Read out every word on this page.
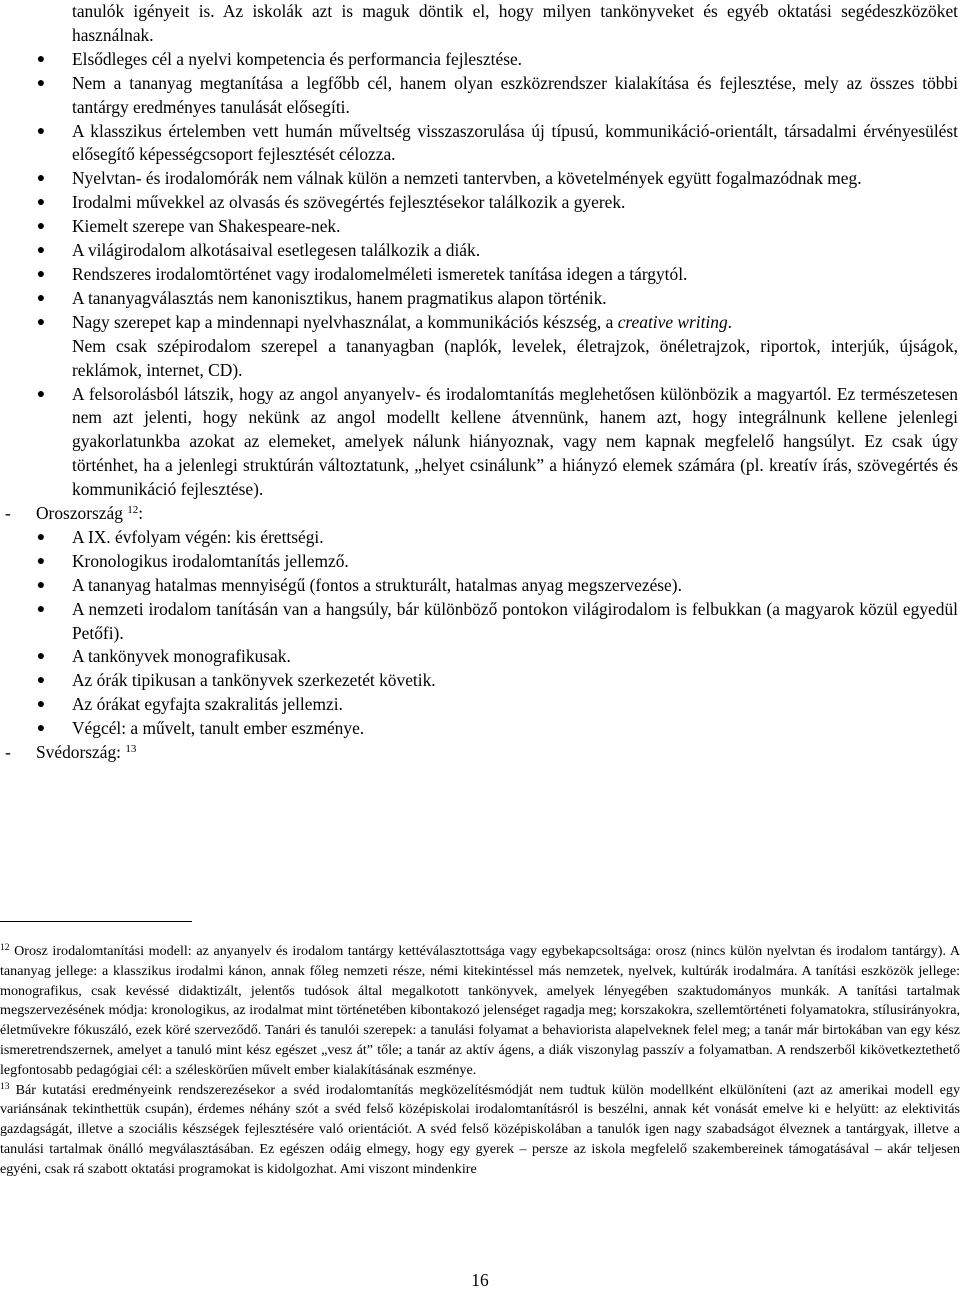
tanulók igényeit is. Az iskolák azt is maguk döntik el, hogy milyen tankönyveket és egyéb oktatási segédeszközöket használnak.
● Elsődleges cél a nyelvi kompetencia és performancia fejlesztése.
● Nem a tananyag megtanítása a legfőbb cél, hanem olyan eszközrendszer kialakítása és fejlesztése, mely az összes többi tantárgy eredményes tanulását elősegíti.
● A klasszikus értelemben vett humán műveltség visszaszorulása új típusú, kommunikáció-orientált, társadalmi érvényesülést elősegítő képességcsoport fejlesztését célozza.
● Nyelvtan- és irodalomórák nem válnak külön a nemzeti tantervben, a követelmények együtt fogalmazódnak meg.
● Irodalmi művekkel az olvasás és szövegértés fejlesztésekor találkozik a gyerek.
● Kiemelt szerepe van Shakespeare-nek.
● A világirodalom alkotásaival esetlegesen találkozik a diák.
● Rendszeres irodalomtörténet vagy irodalomelméleti ismeretek tanítása idegen a tárgytól.
● A tananyagválasztás nem kanonisztikus, hanem pragmatikus alapon történik.
● Nagy szerepet kap a mindennapi nyelvhasználat, a kommunikációs készség, a creative writing.
Nem csak szépirodalom szerepel a tananyagban (naplók, levelek, életrajzok, önéletrajzok, riportok, interjúk, újságok, reklámok, internet, CD).
● A felsorolásból látszik, hogy az angol anyanyelv- és irodalomtanítás meglehetősen különbözik a magyartól. Ez természetesen nem azt jelenti, hogy nekünk az angol modellt kellene átvennünk, hanem azt, hogy integrálnunk kellene jelenlegi gyakorlatunkba azokat az elemeket, amelyek nálunk hiányoznak, vagy nem kapnak megfelelő hangsúlyt. Ez csak úgy történhet, ha a jelenlegi struktúrán változtatunk, „helyet csinálunk” a hiányzó elemek számára (pl. kreatív írás, szövegértés és kommunikáció fejlesztése).
- Oroszország $^{12}$:
● A IX. évfolyam végén: kis érettségi.
● Kronologikus irodalomtanítás jellemző.
● A tananyag hatalmas mennyiségű (fontos a strukturált, hatalmas anyag megszervezése).
● A nemzeti irodalom tanításán van a hangsúly, bár különböző pontokon világirodalom is felbukkan (a magyarok közül egyedül Petőfi).
● A tankönyvek monografikusak.
● Az órák tipikusan a tankönyvek szerkezetét követik.
● Az órákat egyfajta szakralitás jellemzi.
● Végcél: a művelt, tanult ember eszménye.
- Svédország: $^{13}$

$^{12}$ Orosz irodalomtanítási modell: az anyanyelv és irodalom tantárgy kettéválasztottsága vagy egybekapcsoltsága: orosz (nincs külön nyelvtan és irodalom tantárgy). A tananyag jellege: a klasszikus irodalmi kánon, annak főleg nemzeti része, némi kitekintéssel más nemzetek, nyelvek, kultúrák irodalmára. A tanítási eszközök jellege: monografikus, csak kevéssé didaktizált, jelentős tudósok által megalkotott tankönyvek, amelyek lényegében szaktudományos munkák. A tanítási tartalmak megszervezésének módja: kronologikus, az irodalmat mint történetében kibontakozó jelenséget ragadja meg; korszakokra, szellemtörténeti folyamatokra, stílusirányokra, életművekre fókuszáló, ezek köré szerveződő. Tanári és tanulói szerepek: a tanulási folyamat a behaviorista alapelveknek felel meg; a tanár már birtokában van egy kész ismeretrendszernek, amelyet a tanuló mint kész egészet „vesz át” tőle; a tanár az aktív ágens, a diák viszonylag passzív a folyamatban. A rendszerből kikövetkeztethető legfontosabb pedagógiai cél: a széleskörűen művelt ember kialakításának eszménye.

$^{13}$ Bár kutatási eredményeink rendszerezésekor a svéd irodalomtanítás megközelítésmódját nem tudtuk külön modellként elkülöníteni (azt az amerikai modell egy variánsának tekinthettük csupán), érdemes néhány szót a svéd felső középiskolai irodalomtanításról is beszélni, annak két vonását emelve ki e helyütt: az elektivitás gazdagságát, illetve a szociális készségek fejlesztésére való orientációt. A svéd felső középiskolában a tanulók igen nagy szabadságot élveznek a tantárgyak, illetve a tanulási tartalmak önálló megválasztásában. Ez egészen odáig elmegy, hogy egy gyerek – persze az iskola megfelelő szakembereinek támogatásával – akár teljesen egyéni, csak rá szabott oktatási programokat is kidolgozhat. Ami viszont mindenkire

16
